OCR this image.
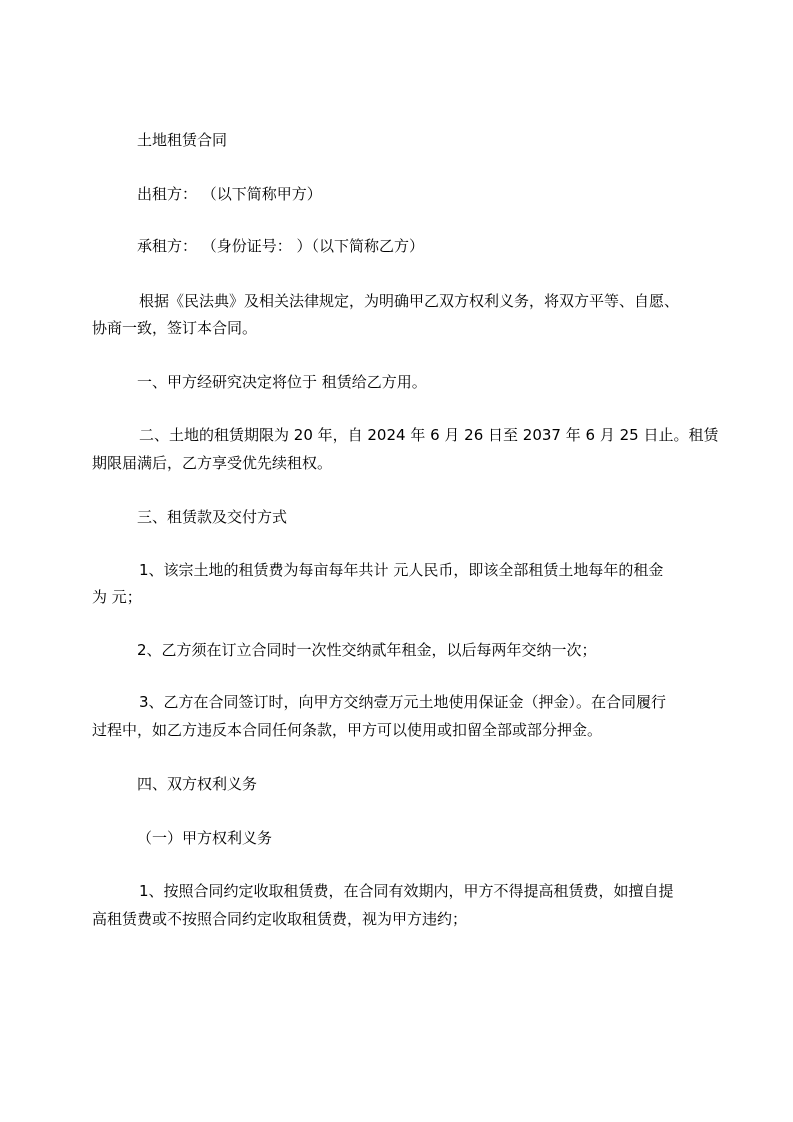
土地租赁合同
出租方： （以下简称甲方）
承租方： （身份证号： ）（以下简称乙方）
根据《民法典》及相关法律规定，为明确甲乙双方权利义务，将双方平等、自愿、
协商一致，签订本合同。
一、甲方经研究决定将位于 租赁给乙方用。
二、土地的租赁期限为 20 年，自 2024 年 6 月 26 日至 2037 年 6 月 25 日止。租赁
期限届满后，乙方享受优先续租权。
三、租赁款及交付方式
1、该宗土地的租赁费为每亩每年共计 元人民币，即该全部租赁土地每年的租金
为 元；
2、乙方须在订立合同时一次性交纳贰年租金，以后每两年交纳一次；
3、乙方在合同签订时，向甲方交纳壹万元土地使用保证金（押金）。在合同履行
过程中，如乙方违反本合同任何条款，甲方可以使用或扣留全部或部分押金。
四、双方权利义务
（一）甲方权利义务
1、按照合同约定收取租赁费，在合同有效期内，甲方不得提高租赁费，如擅自提
高租赁费或不按照合同约定收取租赁费，视为甲方违约；
